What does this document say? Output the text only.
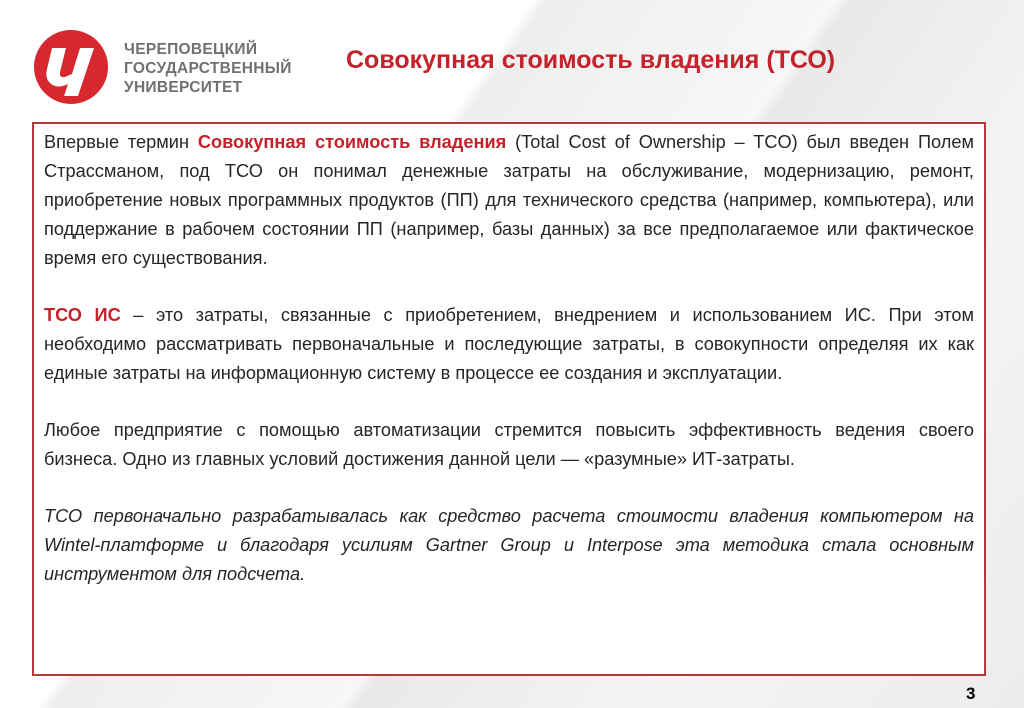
ЧЕРЕПОВЕЦКИЙ
ГОСУДАРСТВЕННЫЙ
УНИВЕРСИТЕТ
Совокупная стоимость владения (ТСО)

Впервые термин Совокупная стоимость владения (Total Cost of Ownership – TCO) был введен Полем Страссманом, под ТСО он понимал денежные затраты на обслуживание, модернизацию, ремонт, приобретение новых программных продуктов (ПП) для технического средства (например, компьютера), или поддержание в рабочем состоянии ПП (например, базы данных) за все предполагаемое или фактическое время его существования.

ТСО ИС – это затраты, связанные с приобретением, внедрением и использованием ИС. При этом необходимо рассматривать первоначальные и последующие затраты, в совокупности определяя их как единые затраты на информационную систему в процессе ее создания и эксплуатации.

Любое предприятие с помощью автоматизации стремится повысить эффективность ведения своего бизнеса. Одно из главных условий достижения данной цели — «разумные» ИТ-затраты.

ТСО первоначально разрабатывалась как средство расчета стоимости владения компьютером на Wintel-платформе и благодаря усилиям Gartner Group и Interpose эта методика стала основным инструментом для подсчета.

3
